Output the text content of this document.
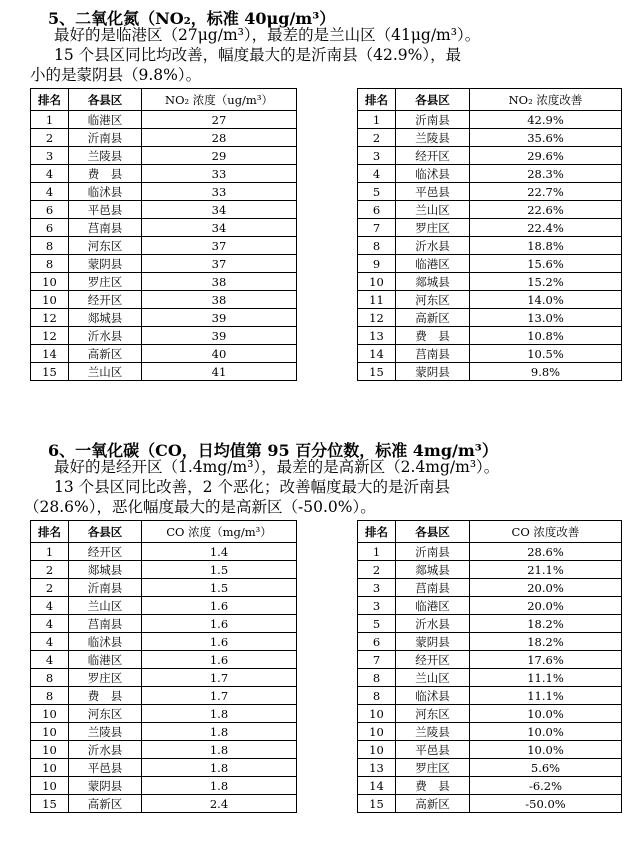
5、二氧化氮（NO₂，标准 40μg/m³）
最好的是临港区（27μg/m³），最差的是兰山区（41μg/m³）。
15 个县区同比均改善，幅度最大的是沂南县（42.9%），最
小的是蒙阴县（9.8%）。
排名	各县区	NO₂ 浓度（ug/m³）
1	临港区	27
2	沂南县	28
3	兰陵县	29
4	费　县	33
4	临沭县	33
6	平邑县	34
6	莒南县	34
8	河东区	37
8	蒙阴县	37
10	罗庄区	38
10	经开区	38
12	郯城县	39
12	沂水县	39
14	高新区	40
15	兰山区	41
排名	各县区	NO₂ 浓度改善
1	沂南县	42.9%
2	兰陵县	35.6%
3	经开区	29.6%
4	临沭县	28.3%
5	平邑县	22.7%
6	兰山区	22.6%
7	罗庄区	22.4%
8	沂水县	18.8%
9	临港区	15.6%
10	郯城县	15.2%
11	河东区	14.0%
12	高新区	13.0%
13	费　县	10.8%
14	莒南县	10.5%
15	蒙阴县	9.8%
6、一氧化碳（CO，日均值第 95 百分位数，标准 4mg/m³）
最好的是经开区（1.4mg/m³），最差的是高新区（2.4mg/m³）。
13 个县区同比改善，2 个恶化；改善幅度最大的是沂南县
（28.6%），恶化幅度最大的是高新区（-50.0%）。
排名	各县区	CO 浓度（mg/m³）
1	经开区	1.4
2	郯城县	1.5
2	沂南县	1.5
4	兰山区	1.6
4	莒南县	1.6
4	临沭县	1.6
4	临港区	1.6
8	罗庄区	1.7
8	费　县	1.7
10	河东区	1.8
10	兰陵县	1.8
10	沂水县	1.8
10	平邑县	1.8
10	蒙阴县	1.8
15	高新区	2.4
排名	各县区	CO 浓度改善
1	沂南县	28.6%
2	郯城县	21.1%
3	莒南县	20.0%
3	临港区	20.0%
5	沂水县	18.2%
6	蒙阴县	18.2%
7	经开区	17.6%
8	兰山区	11.1%
8	临沭县	11.1%
10	河东区	10.0%
10	兰陵县	10.0%
10	平邑县	10.0%
13	罗庄区	5.6%
14	费　县	-6.2%
15	高新区	-50.0%
